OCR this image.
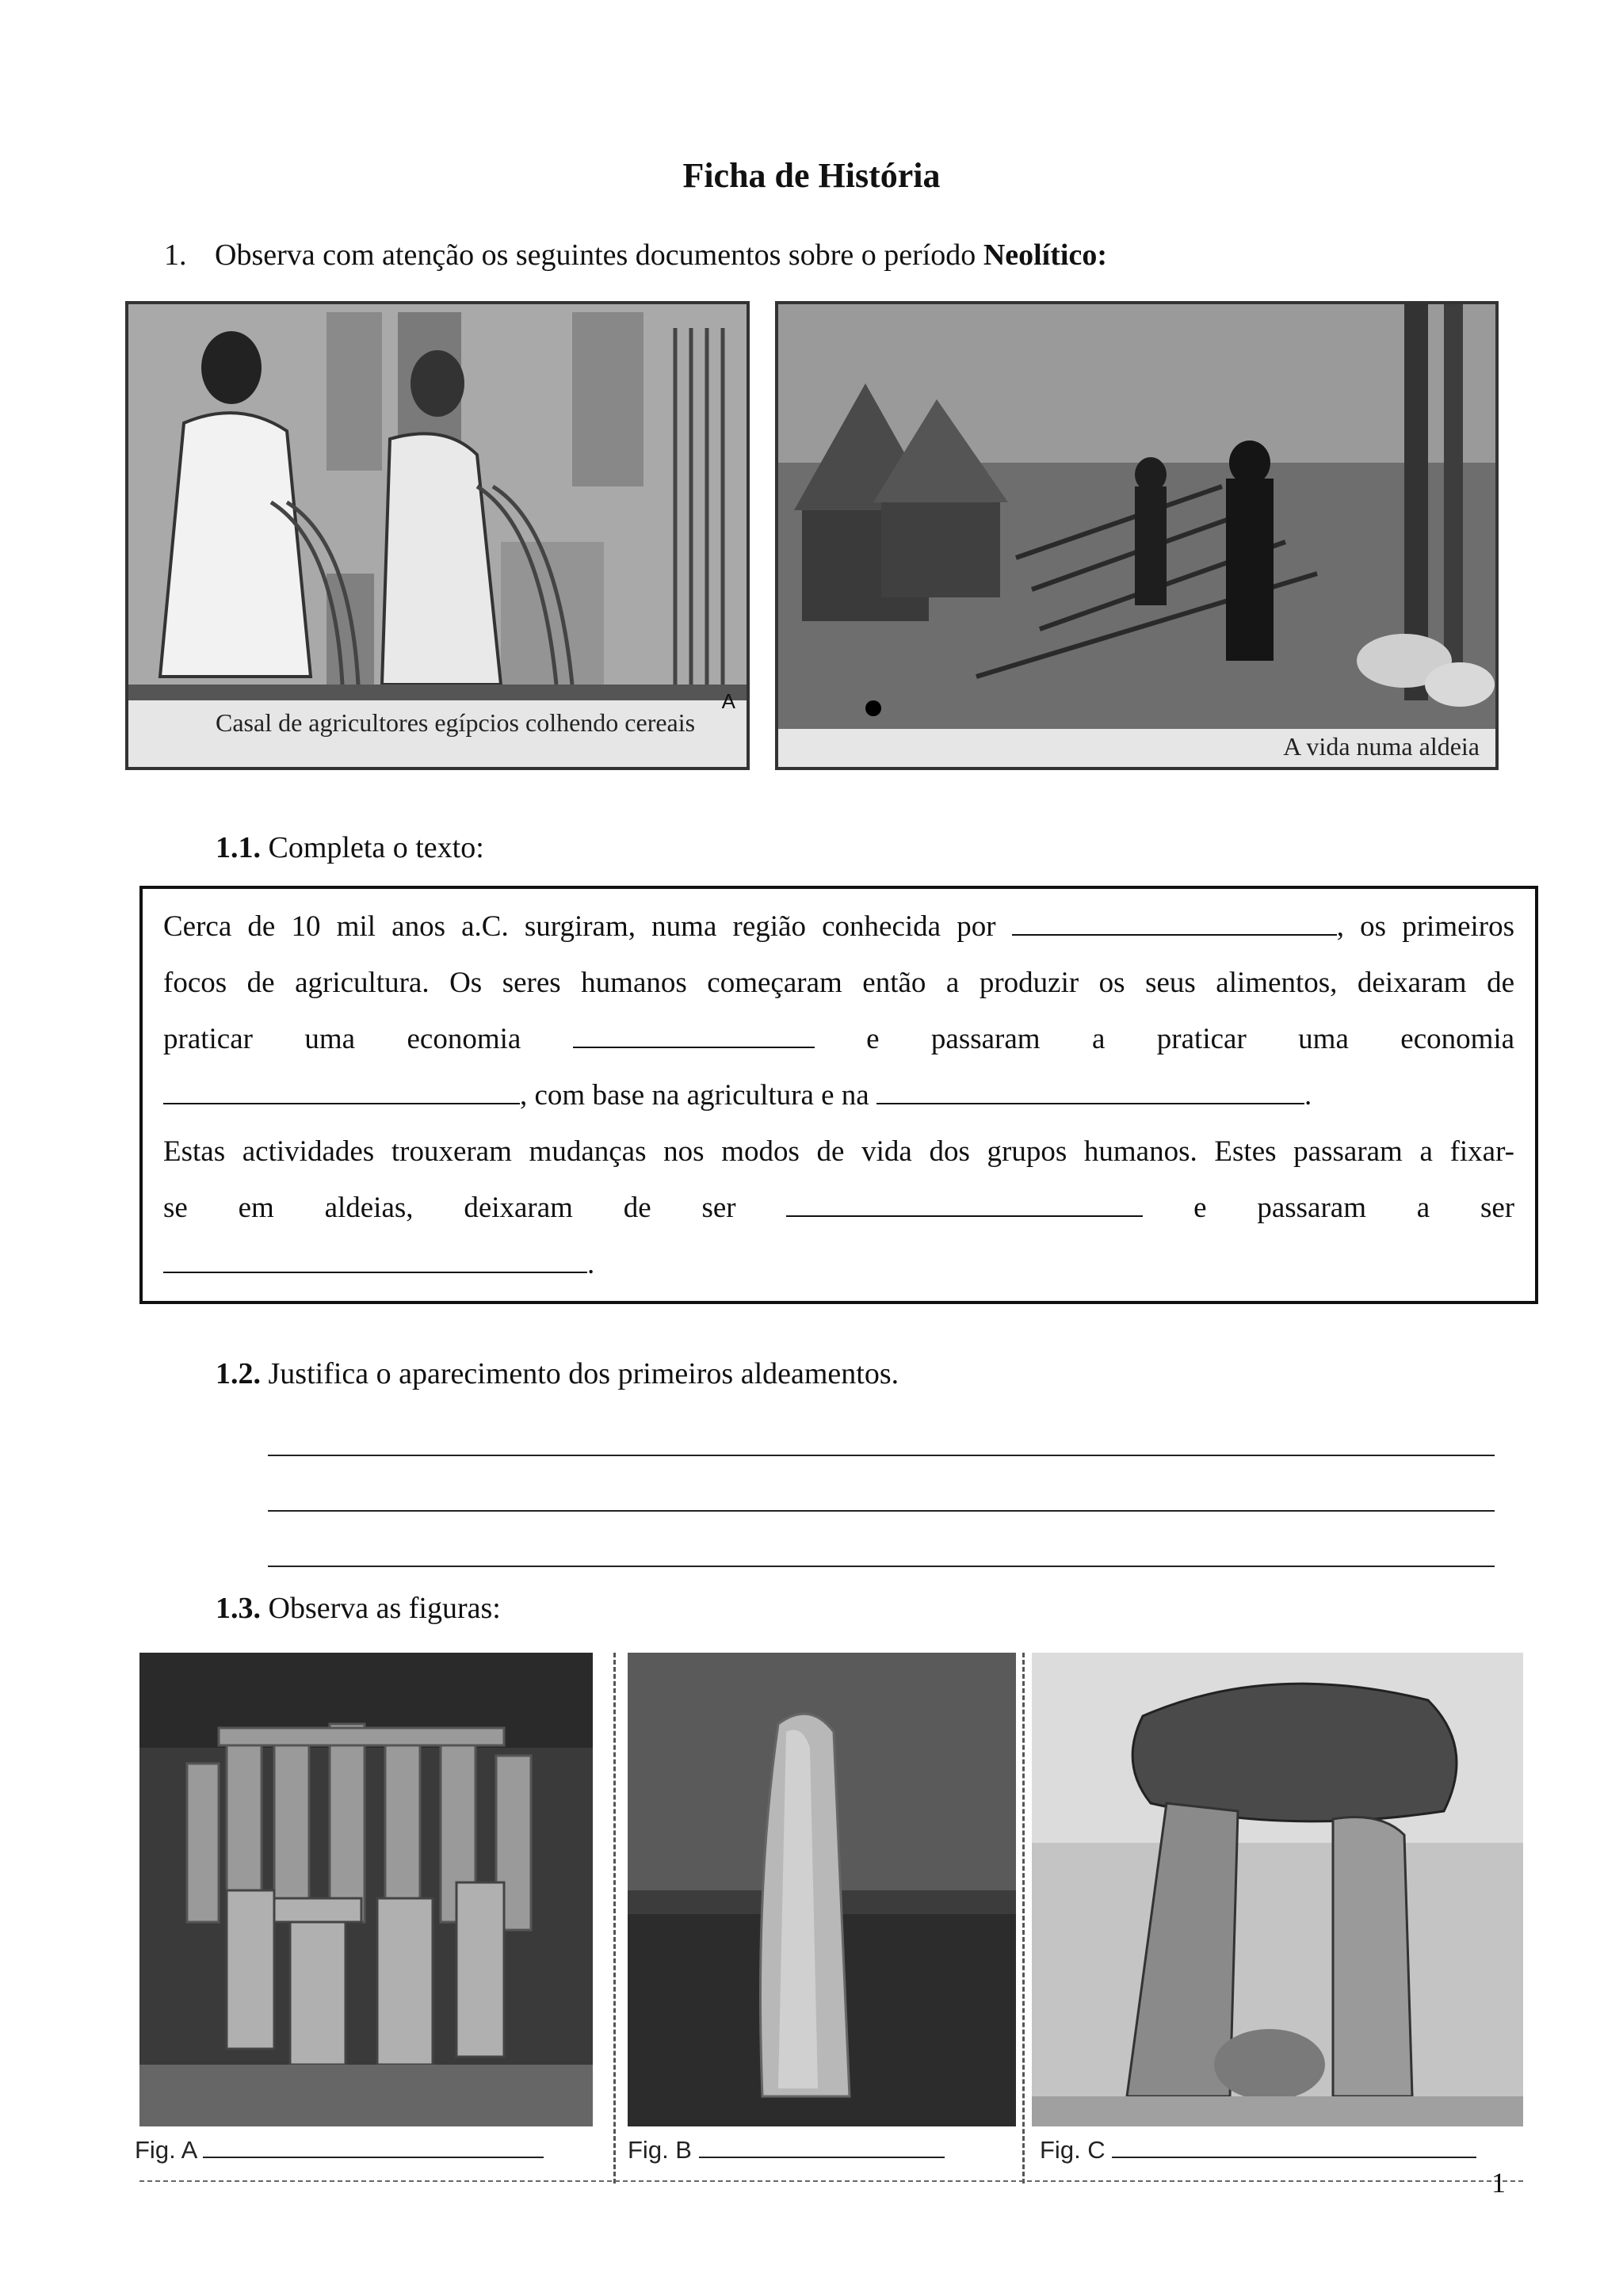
Ficha de História
1. Observa com atenção os seguintes documentos sobre o período Neolítico:
A
Casal de agricultores egípcios colhendo cereais
A vida numa aldeia
1.1. Completa o texto:

Cerca de 10 mil anos a.C. surgiram, numa região conhecida por	, os primeiros

focos de agricultura. Os seres humanos começaram então a produzir os seus alimentos, deixaram de

praticar uma economia	e passaram a praticar uma economia

, com base na agricultura e na	.

Estas actividades trouxeram mudanças nos modos de vida dos grupos humanos. Estes passaram a fixar-

se em aldeias, deixaram de ser	e passaram a ser

.

1.2. Justifica o aparecimento dos primeiros aldeamentos.
1.3. Observa as figuras:
Fig. A	Fig. B	Fig. C
1
